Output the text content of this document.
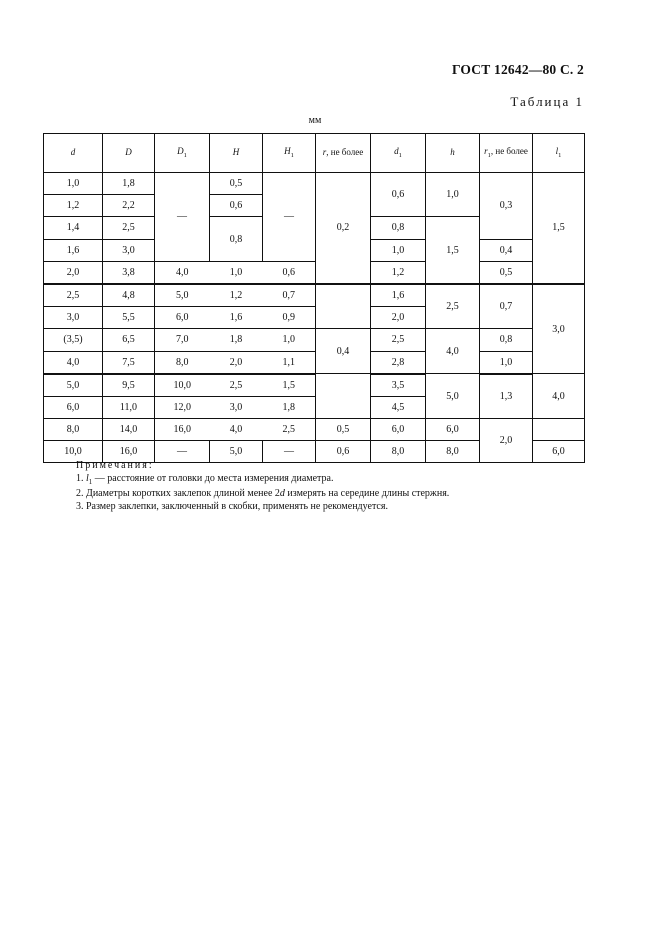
ГОСТ 12642—80 С. 2
Таблица 1
мм
d	D	$D_1$	H	$H_1$	r, не более	$d_1$	h	$r_1$, не более	$l_1$
1,0	1,8	—	0,5	—	0,2	0,6	1,0	0,3	1,5
1,2	2,2		0,6						
1,4	2,5		0,8			0,8	1,5		
1,6	3,0					1,0		0,4	
2,0	3,8	4,0	1,0	0,6		1,2		0,5	
2,5	4,8	5,0	1,2	0,7		1,6	2,5	0,7	3,0
3,0	5,5	6,0	1,6	0,9		2,0			
(3,5)	6,5	7,0	1,8	1,0	0,4	2,5	4,0	0,8	
4,0	7,5	8,0	2,0	1,1		2,8		1,0	
5,0	9,5	10,0	2,5	1,5		3,5	5,0	1,3	4,0
6,0	11,0	12,0	3,0	1,8		4,5			
8,0	14,0	16,0	4,0	2,5	0,5	6,0	6,0	2,0	
10,0	16,0	—	5,0	—	0,6	8,0	8,0		6,0
Примечания:
1. $l_1$ — расстояние от головки до места измерения диаметра.
2. Диаметры коротких заклепок длиной менее 2d измерять на середине длины стержня.
3. Размер заклепки, заключенный в скобки, применять не рекомендуется.
